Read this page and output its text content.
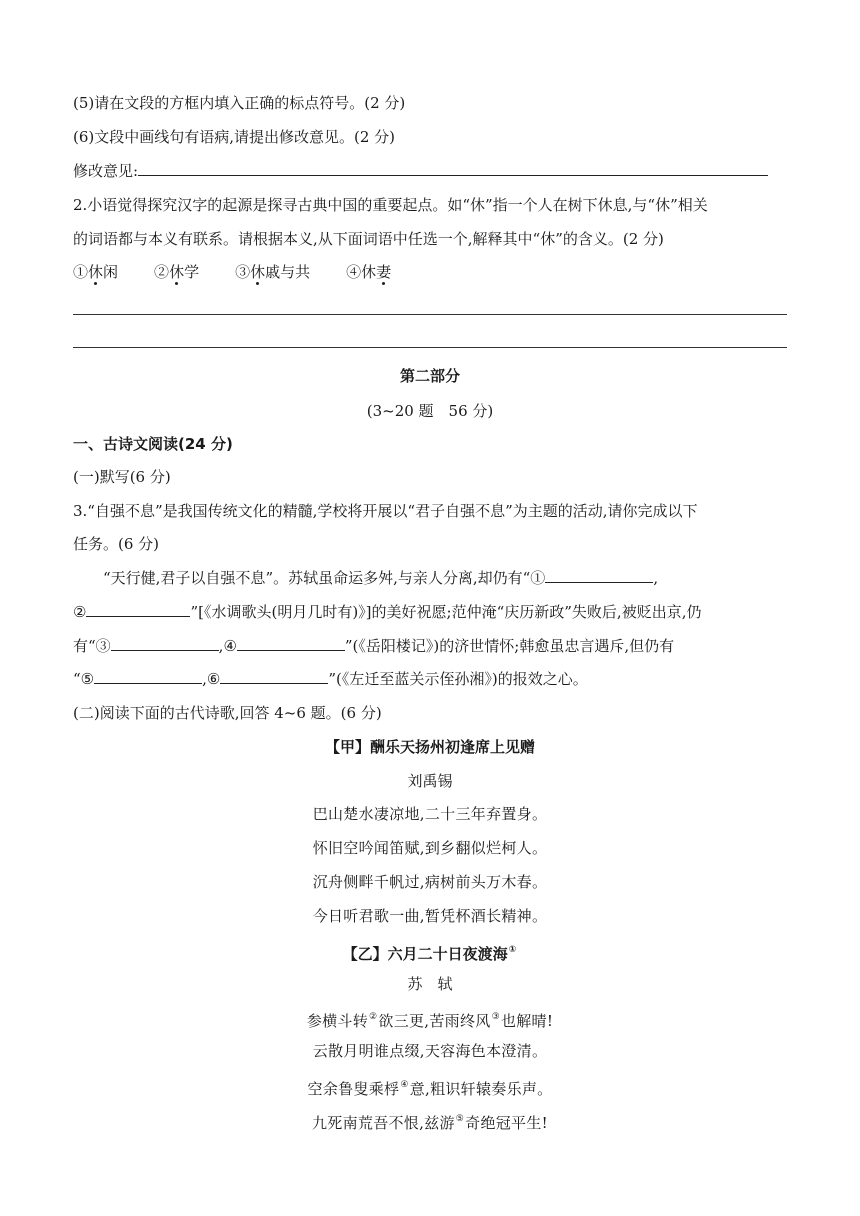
(5)请在文段的方框内填入正确的标点符号。(2 分)
(6)文段中画线句有语病,请提出修改意见。(2 分)
修改意见:
2.小语觉得探究汉字的起源是探寻古典中国的重要起点。如“休”指一个人在树下休息,与“休”相关
的词语都与本义有联系。请根据本义,从下面词语中任选一个,解释其中“休”的含义。(2 分)
①休闲 ②休学 ③休戚与共 ④休妻
第二部分
(3~20 题　56 分)
一、古诗文阅读(24 分)
(一)默写(6 分)
3.“自强不息”是我国传统文化的精髓,学校将开展以“君子自强不息”为主题的活动,请你完成以下
任务。(6 分)
“天行健,君子以自强不息”。苏轼虽命运多舛,与亲人分离,却仍有“①	,
②	”[《水调歌头(明月几时有)》]的美好祝愿;范仲淹“庆历新政”失败后,被贬出京,仍
有“③	,④	”(《岳阳楼记》)的济世情怀;韩愈虽忠言遇斥,但仍有
“⑤	,⑥	”(《左迁至蓝关示侄孙湘》)的报效之心。
(二)阅读下面的古代诗歌,回答 4~6 题。(6 分)
【甲】酬乐天扬州初逢席上见赠
刘禹锡
巴山楚水凄凉地,二十三年弃置身。
怀旧空吟闻笛赋,到乡翻似烂柯人。
沉舟侧畔千帆过,病树前头万木春。
今日听君歌一曲,暂凭杯酒长精神。
【乙】六月二十日夜渡海①
苏　轼
参横斗转②欲三更,苦雨终风③也解晴!
云散月明谁点缀,天容海色本澄清。
空余鲁叟乘桴④意,粗识轩辕奏乐声。
九死南荒吾不恨,兹游⑤奇绝冠平生!
